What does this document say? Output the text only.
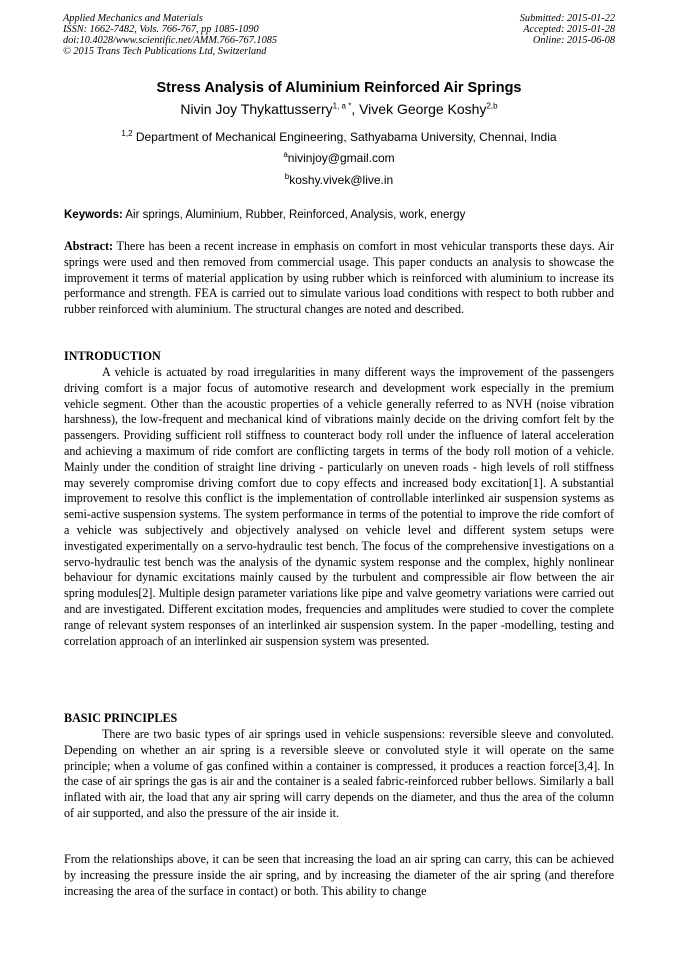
Applied Mechanics and Materials
ISSN: 1662-7482, Vols. 766-767, pp 1085-1090
doi:10.4028/www.scientific.net/AMM.766-767.1085
© 2015 Trans Tech Publications Ltd, Switzerland
Submitted: 2015-01-22
Accepted: 2015-01-28
Online: 2015-06-08
Stress Analysis of Aluminium Reinforced Air Springs
Nivin Joy Thykattusserry$^{1, a *}$, Vivek George Koshy$^{2,b}$
$^{1,2}$ Department of Mechanical Engineering, Sathyabama University, Chennai, India
$^a$nivinjoy@gmail.com
$^b$koshy.vivek@live.in
Keywords: Air springs, Aluminium, Rubber, Reinforced, Analysis, work, energy
Abstract: There has been a recent increase in emphasis on comfort in most vehicular transports these days. Air springs were used and then removed from commercial usage. This paper conducts an analysis to showcase the improvement it terms of material application by using rubber which is reinforced with aluminium to increase its performance and strength. FEA is carried out to simulate various load conditions with respect to both rubber and rubber reinforced with aluminium. The structural changes are noted and described.
INTRODUCTION
A vehicle is actuated by road irregularities in many different ways the improvement of the passengers driving comfort is a major focus of automotive research and development work especially in the premium vehicle segment. Other than the acoustic properties of a vehicle generally referred to as NVH (noise vibration harshness), the low-frequent and mechanical kind of vibrations mainly decide on the driving comfort felt by the passengers. Providing sufficient roll stiffness to counteract body roll under the influence of lateral acceleration and achieving a maximum of ride comfort are conflicting targets in terms of the body roll motion of a vehicle. Mainly under the condition of straight line driving - particularly on uneven roads - high levels of roll stiffness may severely compromise driving comfort due to copy effects and increased body excitation[1]. A substantial improvement to resolve this conflict is the implementation of controllable interlinked air suspension systems as semi-active suspension systems. The system performance in terms of the potential to improve the ride comfort of a vehicle was subjectively and objectively analysed on vehicle level and different system setups were investigated experimentally on a servo-hydraulic test bench. The focus of the comprehensive investigations on a servo-hydraulic test bench was the analysis of the dynamic system response and the complex, highly nonlinear behaviour for dynamic excitations mainly caused by the turbulent and compressible air flow between the air spring modules[2]. Multiple design parameter variations like pipe and valve geometry variations were carried out and are investigated. Different excitation modes, frequencies and amplitudes were studied to cover the complete range of relevant system responses of an interlinked air suspension system. In the paper -modelling, testing and correlation approach of an interlinked air suspension system was presented.
BASIC PRINCIPLES
There are two basic types of air springs used in vehicle suspensions: reversible sleeve and convoluted. Depending on whether an air spring is a reversible sleeve or convoluted style it will operate on the same principle; when a volume of gas confined within a container is compressed, it produces a reaction force[3,4]. In the case of air springs the gas is air and the container is a sealed fabric-reinforced rubber bellows. Similarly a ball inflated with air, the load that any air spring will carry depends on the diameter, and thus the area of the column of air supported, and also the pressure of the air inside it.
From the relationships above, it can be seen that increasing the load an air spring can carry, this can be achieved by increasing the pressure inside the air spring, and by increasing the diameter of the air spring (and therefore increasing the area of the surface in contact) or both. This ability to change
